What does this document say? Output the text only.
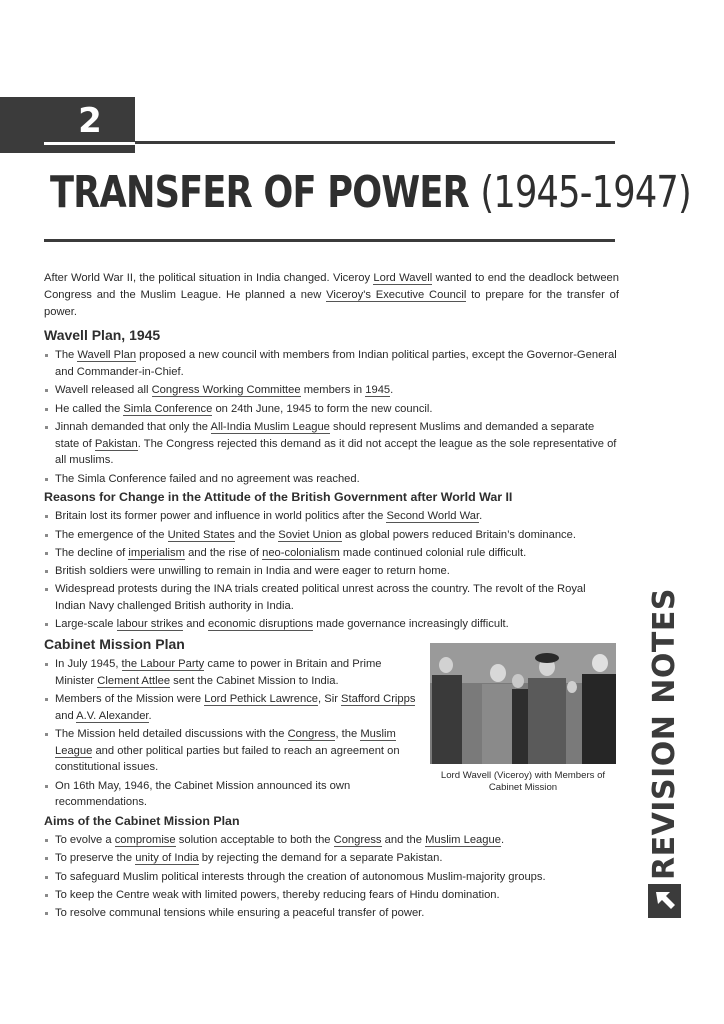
2
TRANSFER OF POWER (1945-1947)

After World War II, the political situation in India changed. Viceroy Lord Wavell wanted to end the deadlock between Congress and the Muslim League. He planned a new Viceroy's Executive Council to prepare for the transfer of power.

Wavell Plan, 1945
The Wavell Plan proposed a new council with members from Indian political parties, except the Governor-General and Commander-in-Chief.
Wavell released all Congress Working Committee members in 1945.
He called the Simla Conference on 24th June, 1945 to form the new council.
Jinnah demanded that only the All-India Muslim League should represent Muslims and demanded a separate state of Pakistan. The Congress rejected this demand as it did not accept the league as the sole representative of all muslims.
The Simla Conference failed and no agreement was reached.
Reasons for Change in the Attitude of the British Government after World War II
Britain lost its former power and influence in world politics after the Second World War.
The emergence of the United States and the Soviet Union as global powers reduced Britain’s dominance.
The decline of imperialism and the rise of neo-colonialism made continued colonial rule difficult.
British soldiers were unwilling to remain in India and were eager to return home.
Widespread protests during the INA trials created political unrest across the country. The revolt of the Royal Indian Navy challenged British authority in India.
Large-scale labour strikes and economic disruptions made governance increasingly difficult.
Cabinet Mission Plan
In July 1945, the Labour Party came to power in Britain and Prime Minister Clement Attlee sent the Cabinet Mission to India.
Members of the Mission were Lord Pethick Lawrence, Sir Stafford Cripps and A.V. Alexander.
The Mission held detailed discussions with the Congress, the Muslim League and other political parties but failed to reach an agreement on constitutional issues.
On 16th May, 1946, the Cabinet Mission announced its own recommendations.
Lord Wavell (Viceroy) with Members of Cabinet Mission
Aims of the Cabinet Mission Plan
To evolve a compromise solution acceptable to both the Congress and the Muslim League.
To preserve the unity of India by rejecting the demand for a separate Pakistan.
To safeguard Muslim political interests through the creation of autonomous Muslim-majority groups.
To keep the Centre weak with limited powers, thereby reducing fears of Hindu domination.
To resolve communal tensions while ensuring a peaceful transfer of power.
REVISION NOTES
